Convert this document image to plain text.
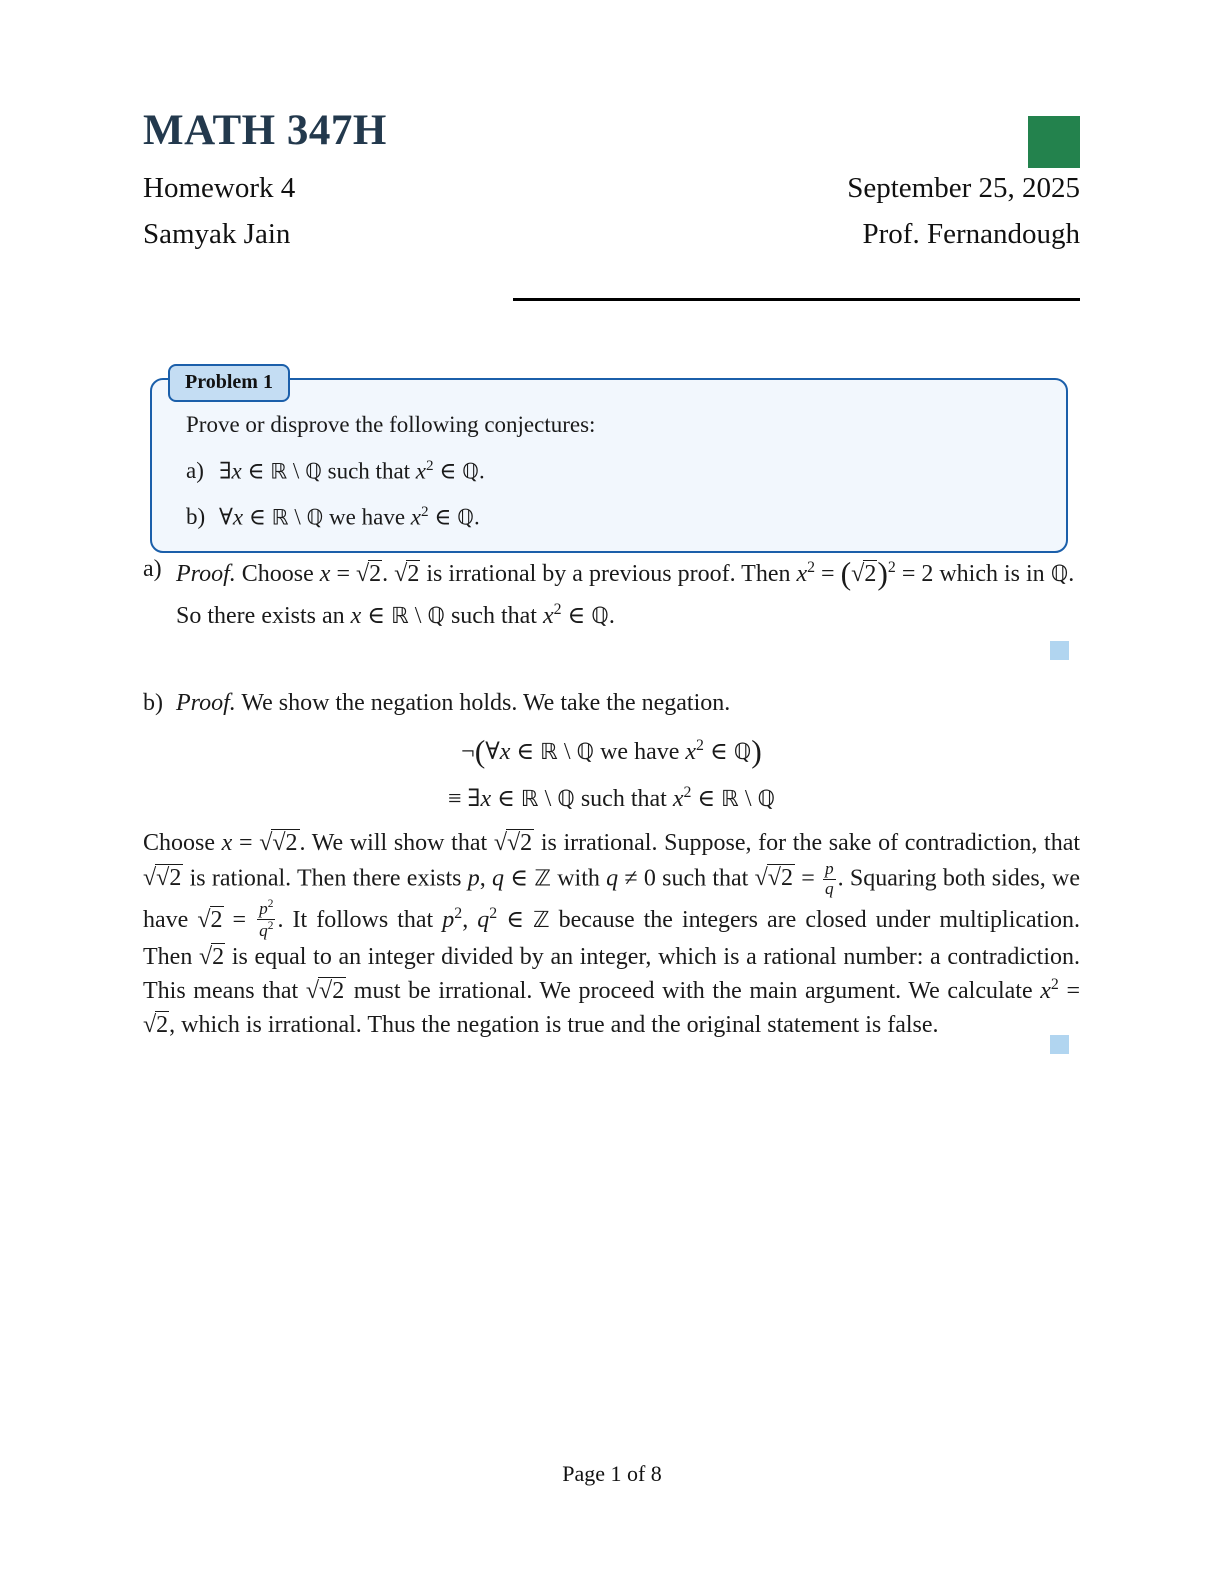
MATH 347H
Homework 4	September 25, 2025
Samyak Jain	Prof. Fernandough
Problem 1
Prove or disprove the following conjectures:
a) ∃x ∈ ℝ \ ℚ such that $x^2$ ∈ ℚ.
b) ∀x ∈ ℝ \ ℚ we have $x^2$ ∈ ℚ.
a) Proof. Choose x = √2. √2 is irrational by a previous proof. Then $x^2 = (√2)^2 = 2$ which is in ℚ.

So there exists an x ∈ ℝ \ ℚ such that $x^2$ ∈ ℚ.

b) Proof. We show the negation holds. We take the negation.

¬(∀x ∈ ℝ \ ℚ we have $x^2$ ∈ ℚ)
≡ ∃x ∈ ℝ \ ℚ such that $x^2$ ∈ ℝ \ ℚ

Choose x = √√2. We will show that √√2 is irrational. Suppose, for the sake of contradiction, that √√2 is rational. Then there exists p, q ∈ ℤ with q ≠ 0 such that $√√2 = \frac{p}{q}$ . Squaring both sides, we have $√2 = \frac{p^2}{q^2}$ . It follows that $p^2$, $q^2$ ∈ ℤ because the integers are closed under multiplication. Then √2 is equal to an integer divided by an integer, which is a rational number: a contradiction. This means that √√2 must be irrational. We proceed with the main argument. We calculate $x^2 = √2$, which is irrational. Thus the negation is true and the original statement is false.

Page 1 of 8
